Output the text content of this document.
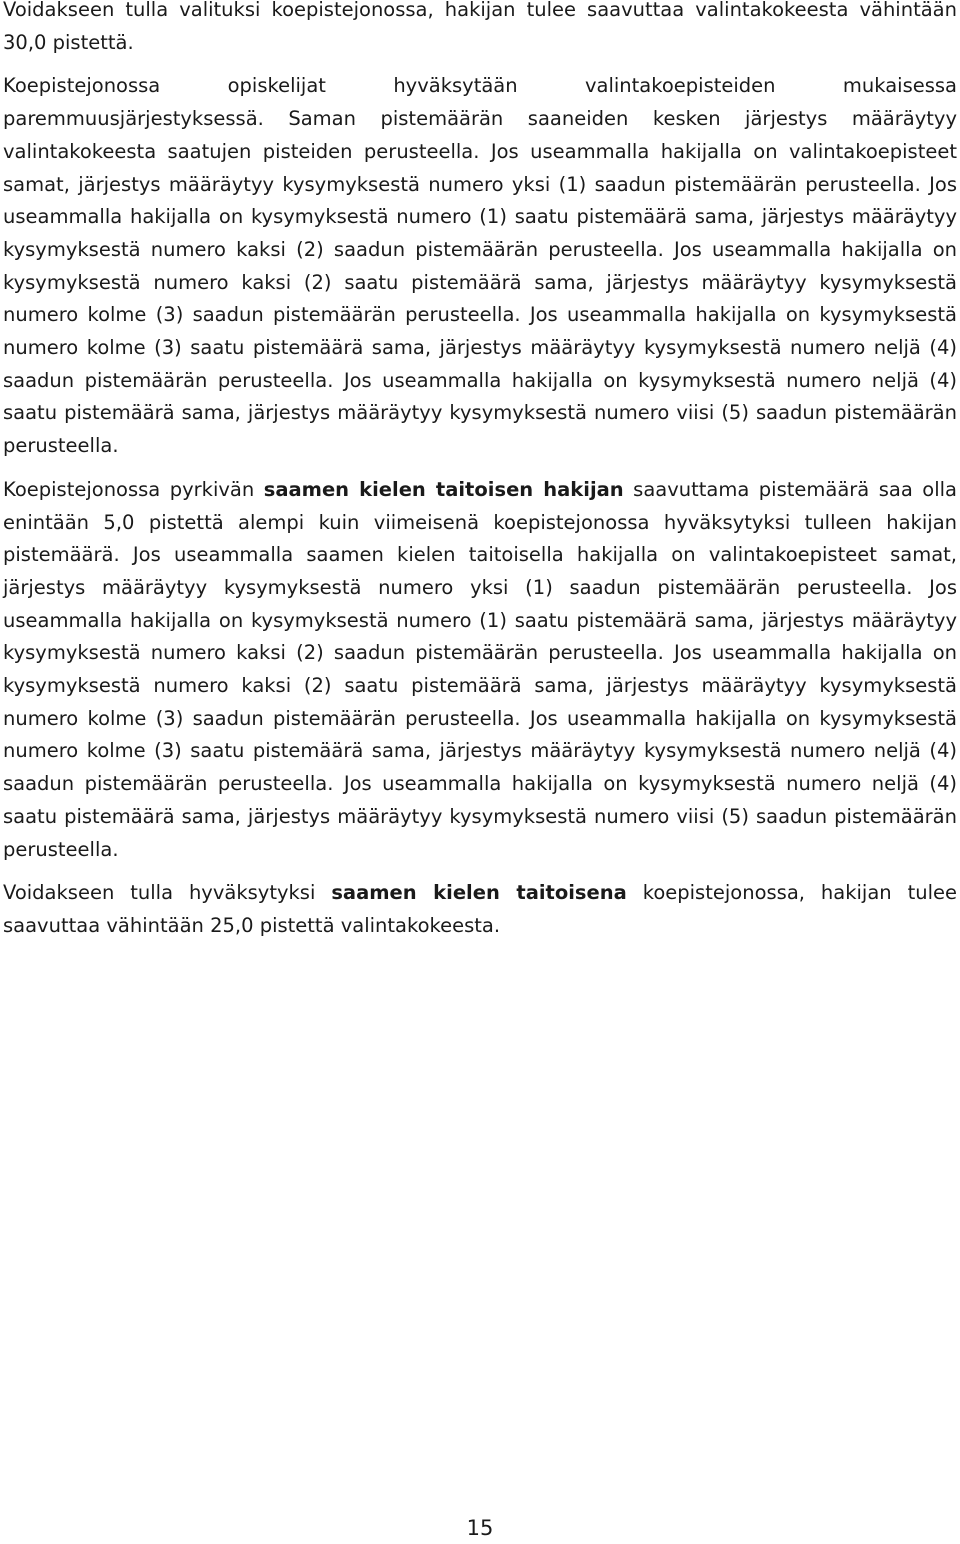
Voidakseen tulla valituksi koepistejonossa, hakijan tulee saavuttaa valintakokeesta vähintään 30,0 pistettä.

Koepistejonossa opiskelijat hyväksytään valintakoepisteiden mukaisessa paremmuusjärjestyksessä. Saman pistemäärän saaneiden kesken järjestys määräytyy valintakokeesta saatujen pisteiden perusteella. Jos useammalla hakijalla on valintakoepisteet samat, järjestys määräytyy kysymyksestä numero yksi (1) saadun pistemäärän perusteella. Jos useammalla hakijalla on kysymyksestä numero (1) saatu pistemäärä sama, järjestys määräytyy kysymyksestä numero kaksi (2) saadun pistemäärän perusteella. Jos useammalla hakijalla on kysymyksestä numero kaksi (2) saatu pistemäärä sama, järjestys määräytyy kysymyksestä numero kolme (3) saadun pistemäärän perusteella. Jos useammalla hakijalla on kysymyksestä numero kolme (3) saatu pistemäärä sama, järjestys määräytyy kysymyksestä numero neljä (4) saadun pistemäärän perusteella. Jos useammalla hakijalla on kysymyksestä numero neljä (4) saatu pistemäärä sama, järjestys määräytyy kysymyksestä numero viisi (5) saadun pistemäärän perusteella.

Koepistejonossa pyrkivän saamen kielen taitoisen hakijan saavuttama pistemäärä saa olla enintään 5,0 pistettä alempi kuin viimeisenä koepistejonossa hyväksytyksi tulleen hakijan pistemäärä. Jos useammalla saamen kielen taitoisella hakijalla on valintakoepisteet samat, järjestys määräytyy kysymyksestä numero yksi (1) saadun pistemäärän perusteella. Jos useammalla hakijalla on kysymyksestä numero (1) saatu pistemäärä sama, järjestys määräytyy kysymyksestä numero kaksi (2) saadun pistemäärän perusteella. Jos useammalla hakijalla on kysymyksestä numero kaksi (2) saatu pistemäärä sama, järjestys määräytyy kysymyksestä numero kolme (3) saadun pistemäärän perusteella. Jos useammalla hakijalla on kysymyksestä numero kolme (3) saatu pistemäärä sama, järjestys määräytyy kysymyksestä numero neljä (4) saadun pistemäärän perusteella. Jos useammalla hakijalla on kysymyksestä numero neljä (4) saatu pistemäärä sama, järjestys määräytyy kysymyksestä numero viisi (5) saadun pistemäärän perusteella.

Voidakseen tulla hyväksytyksi saamen kielen taitoisena koepistejonossa, hakijan tulee saavuttaa vähintään 25,0 pistettä valintakokeesta.

15
